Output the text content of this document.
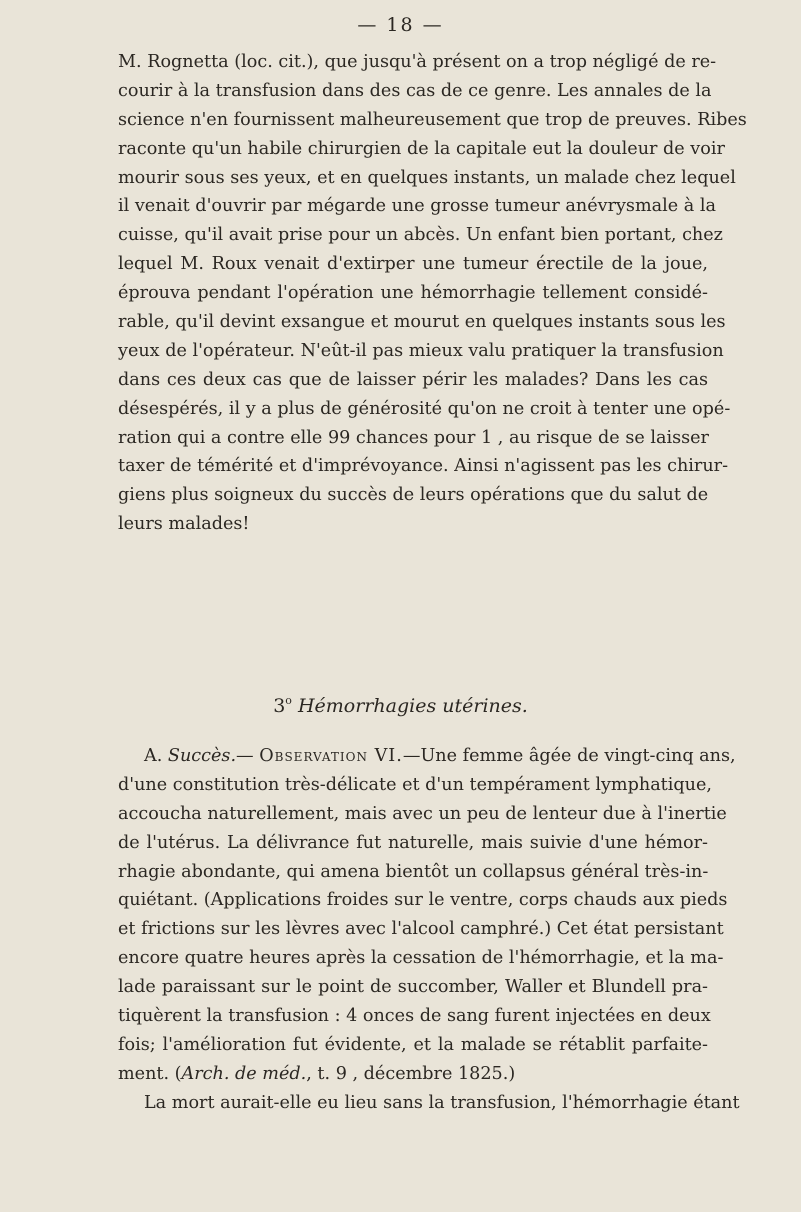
— 18 —
M. Rognetta (loc. cit.), que jusqu'à présent on a trop négligé de re-
courir à la transfusion dans des cas de ce genre. Les annales de la
science n'en fournissent malheureusement que trop de preuves. Ribes
raconte qu'un habile chirurgien de la capitale eut la douleur de voir
mourir sous ses yeux, et en quelques instants, un malade chez lequel
il venait d'ouvrir par mégarde une grosse tumeur anévrysmale à la
cuisse, qu'il avait prise pour un abcès. Un enfant bien portant, chez
lequel M. Roux venait d'extirper une tumeur érectile de la joue,
éprouva pendant l'opération une hémorrhagie tellement considé-
rable, qu'il devint exsangue et mourut en quelques instants sous les
yeux de l'opérateur. N'eût-il pas mieux valu pratiquer la transfusion
dans ces deux cas que de laisser périr les malades? Dans les cas
désespérés, il y a plus de générosité qu'on ne croit à tenter une opé-
ration qui a contre elle 99 chances pour 1 , au risque de se laisser
taxer de témérité et d'imprévoyance. Ainsi n'agissent pas les chirur-
giens plus soigneux du succès de leurs opérations que du salut de
leurs malades!
3$^o$ Hémorrhagies utérines.
A. Succès.— Observation VI.—Une femme âgée de vingt-cinq ans,
d'une constitution très-délicate et d'un tempérament lymphatique,
accoucha naturellement, mais avec un peu de lenteur due à l'inertie
de l'utérus. La délivrance fut naturelle, mais suivie d'une hémor-
rhagie abondante, qui amena bientôt un collapsus général très-in-
quiétant. (Applications froides sur le ventre, corps chauds aux pieds
et frictions sur les lèvres avec l'alcool camphré.) Cet état persistant
encore quatre heures après la cessation de l'hémorrhagie, et la ma-
lade paraissant sur le point de succomber, Waller et Blundell pra-
tiquèrent la transfusion : 4 onces de sang furent injectées en deux
fois; l'amélioration fut évidente, et la malade se rétablit parfaite-
ment. (Arch. de méd., t. 9 , décembre 1825.)
La mort aurait-elle eu lieu sans la transfusion, l'hémorrhagie étant
